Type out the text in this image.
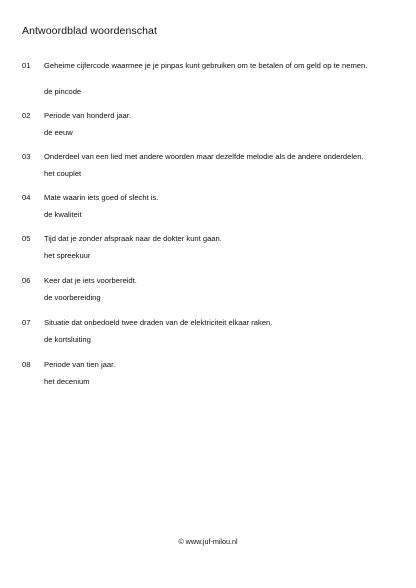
Antwoordblad woordenschat
01	Geheime cijfercode waarmee je je pinpas kunt gebruiken om te betalen of om geld op te nemen.
de pincode
02	Periode van honderd jaar.
de eeuw
03	Onderdeel van een lied met andere woorden maar dezelfde melodie als de andere onderdelen.
het couplet
04	Mate waarin iets goed of slecht is.
de kwaliteit
05	Tijd dat je zonder afspraak naar de dokter kunt gaan.
het spreekuur
06	Keer dat je iets voorbereidt.
de voorbereiding
07	Situatie dat onbedoeld twee draden van de elektriciteit elkaar raken.
de kortsluiting
08	Periode van tien jaar.
het decenium
© www.juf-milou.nl
